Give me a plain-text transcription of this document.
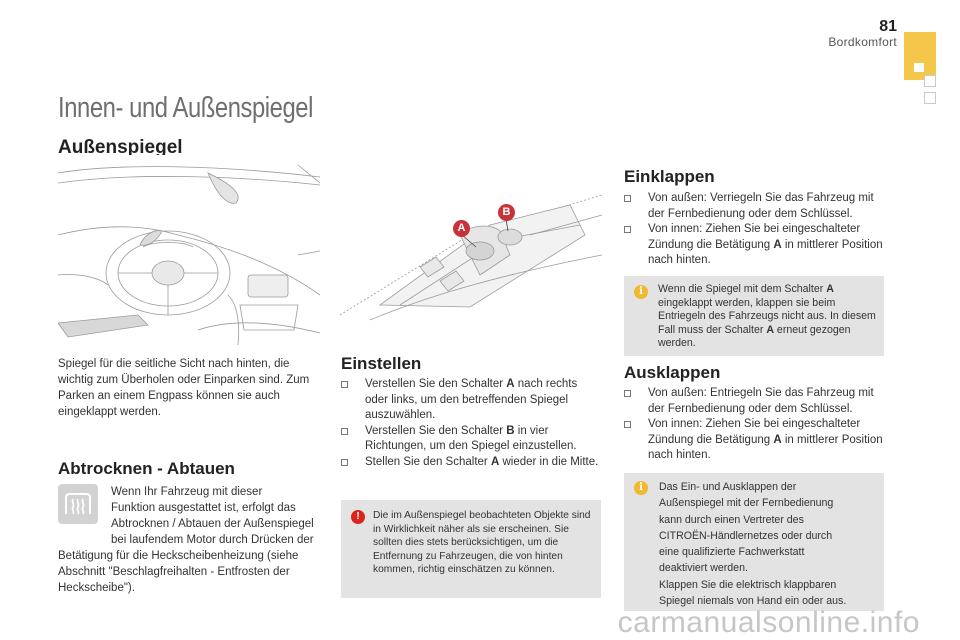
81
Bordkomfort
Innen- und Außenspiegel
Außenspiegel

Spiegel für die seitliche Sicht nach hinten, die wichtig zum Überholen oder Einparken sind. Zum Parken an einem Engpass können sie auch eingeklappt werden.

Abtrocknen - Abtauen
Wenn Ihr Fahrzeug mit dieser
Funktion ausgestattet ist, erfolgt das
Abtrocknen / Abtauen der Außenspiegel
bei laufendem Motor durch Drücken der
Betätigung für die Heckscheibenheizung (siehe
Abschnitt "Beschlagfreihalten - Entfrosten der
Heckscheibe").
A
B
Einstellen
Verstellen Sie den Schalter A nach rechts oder links, um den betreffenden Spiegel auszuwählen.
Verstellen Sie den Schalter B in vier Richtungen, um den Spiegel einzustellen.
Stellen Sie den Schalter A wieder in die Mitte.
!	Die im Außenspiegel beobachteten Objekte sind in Wirklichkeit näher als sie erscheinen. Sie sollten dies stets berücksichtigen, um die Entfernung zu Fahrzeugen, die von hinten kommen, richtig einschätzen zu können.
Einklappen
Von außen: Verriegeln Sie das Fahrzeug mit der Fernbedienung oder dem Schlüssel.
Von innen: Ziehen Sie bei eingeschalteter Zündung die Betätigung A in mittlerer Position nach hinten.
i	Wenn die Spiegel mit dem Schalter A eingeklappt werden, klappen sie beim Entriegeln des Fahrzeugs nicht aus. In diesem Fall muss der Schalter A erneut gezogen werden.
Ausklappen
Von außen: Entriegeln Sie das Fahrzeug mit der Fernbedienung oder dem Schlüssel.
Von innen: Ziehen Sie bei eingeschalteter Zündung die Betätigung A in mittlerer Position nach hinten.
i	Das Ein- und Ausklappen der
Außenspiegel mit der Fernbedienung
kann durch einen Vertreter des
CITROËN-Händlernetzes oder durch
eine qualifizierte Fachwerkstatt
deaktiviert werden.
Klappen Sie die elektrisch klappbaren
Spiegel niemals von Hand ein oder aus.
carmanualsonline.info
